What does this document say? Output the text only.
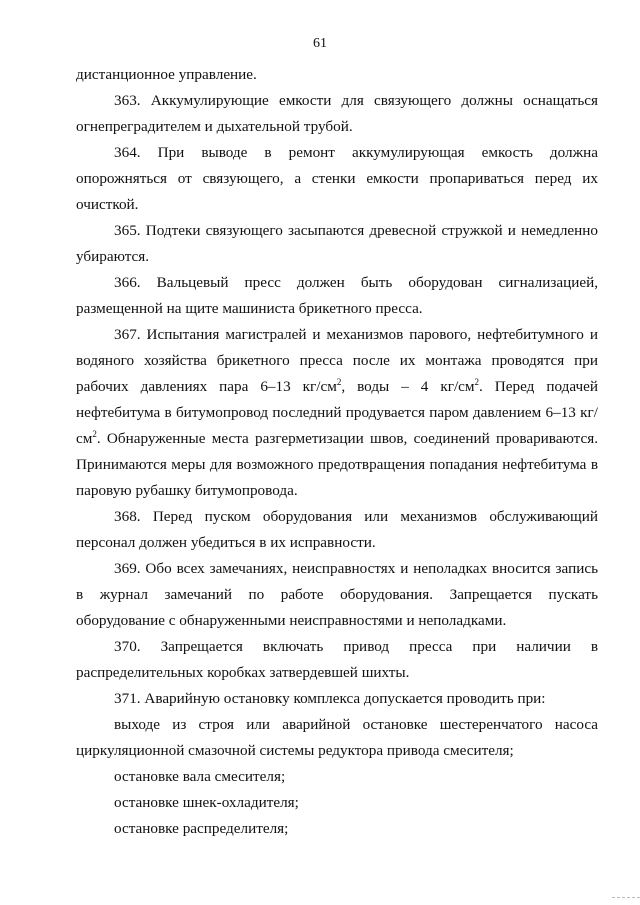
61

дистанционное управление.

363. Аккумулирующие емкости для связующего должны оснащаться огнепреградителем и дыхательной трубой.

364. При выводе в ремонт аккумулирующая емкость должна опорожняться от связующего, а стенки емкости пропариваться перед их очисткой.

365. Подтеки связующего засыпаются древесной стружкой и немедленно убираются.

366. Вальцевый пресс должен быть оборудован сигнализацией, размещенной на щите машиниста брикетного пресса.

367. Испытания магистралей и механизмов парового, нефтебитумного и водяного хозяйства брикетного пресса после их монтажа проводятся при рабочих давлениях пара 6–13 $кг/см^2$, воды – 4 $кг/см^2$. Перед подачей нефтебитума в битумопровод последний продувается паром давлением 6–13 $кг/см^2$. Обнаруженные места разгерметизации швов, соединений провариваются. Принимаются меры для возможного предотвращения попадания нефтебитума в паровую рубашку битумопровода.

368. Перед пуском оборудования или механизмов обслуживающий персонал должен убедиться в их исправности.

369. Обо всех замечаниях, неисправностях и неполадках вносится запись в журнал замечаний по работе оборудования. Запрещается пускать оборудование с обнаруженными неисправностями и неполадками.

370. Запрещается включать привод пресса при наличии в распределительных коробках затвердевшей шихты.

371. Аварийную остановку комплекса допускается проводить при:

выходе из строя или аварийной остановке шестеренчатого насоса циркуляционной смазочной системы редуктора привода смесителя;

остановке вала смесителя;

остановке шнек-охладителя;

остановке распределителя;
